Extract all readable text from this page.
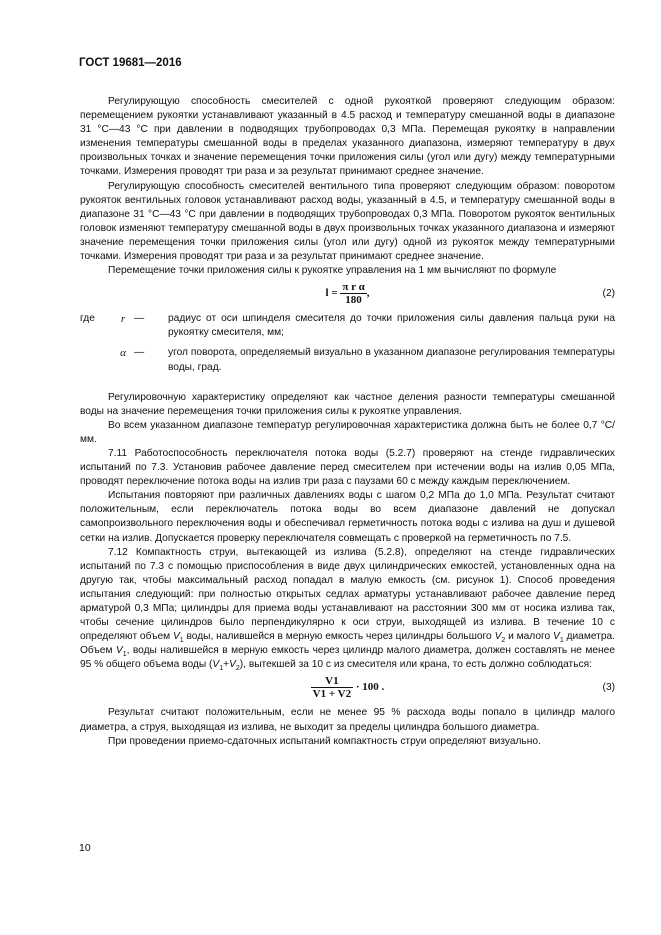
ГОСТ 19681—2016

Регулирующую способность смесителей с одной рукояткой проверяют следующим образом: перемещением рукоятки устанавливают указанный в 4.5 расход и температуру смешанной воды в диапазоне 31 °С—43 °С при давлении в подводящих трубопроводах 0,3 МПа. Перемещая рукоятку в направлении изменения температуры смешанной воды в пределах указанного диапазона, измеряют температуру в двух произвольных точках и значение перемещения точки приложения силы (угол или дугу) между температурными точками. Измерения проводят три раза и за результат принимают среднее значение.

Регулирующую способность смесителей вентильного типа проверяют следующим образом: поворотом рукояток вентильных головок устанавливают расход воды, указанный в 4.5, и температуру смешанной воды в диапазоне 31 °С—43 °С при давлении в подводящих трубопроводах 0,3 МПа. Поворотом рукояток вентильных головок изменяют температуру смешанной воды в двух произвольных точках указанного диапазона и измеряют значение перемещения точки приложения силы (угол или дугу) одной из рукояток между температурными точками. Измерения проводят три раза и за результат принимают среднее значение.

Перемещение точки приложения силы к рукоятке управления на 1 мм вычисляют по формуле

$l = \frac{\text{π r α}}{180}$ ,	(2)
где	r — радиус от оси шпинделя смесителя до точки приложения силы давления пальца руки на рукоятку смесителя, мм;
α — угол поворота, определяемый визуально в указанном диапазоне регулирования температуры воды, град.

Регулировочную характеристику определяют как частное деления разности температуры смешанной воды на значение перемещения точки приложения силы к рукоятке управления.

Во всем указанном диапазоне температур регулировочная характеристика должна быть не более 0,7 °С/мм.

7.11 Работоспособность переключателя потока воды (5.2.7) проверяют на стенде гидравлических испытаний по 7.3. Установив рабочее давление перед смесителем при истечении воды на излив 0,05 МПа, проводят переключение потока воды на излив три раза с паузами 60 с между каждым переключением.

Испытания повторяют при различных давлениях воды с шагом 0,2 МПа до 1,0 МПа. Результат считают положительным, если переключатель потока воды во всем диапазоне давлений не допускал самопроизвольного переключения воды и обеспечивал герметичность потока воды с излива на душ и душевой сетки на излив. Допускается проверку переключателя совмещать с проверкой на герметичность по 7.5.

7.12 Компактность струи, вытекающей из излива (5.2.8), определяют на стенде гидравлических испытаний по 7.3 с помощью приспособления в виде двух цилиндрических емкостей, установленных одна на другую так, чтобы максимальный расход попадал в малую емкость (см. рисунок 1). Способ проведения испытания следующий: при полностью открытых седлах арматуры устанавливают рабочее давление перед арматурой 0,3 МПа; цилиндры для приема воды устанавливают на расстоянии 300 мм от носика излива так, чтобы сечение цилиндров было перпендикулярно к оси струи, выходящей из излива. В течение 10 с определяют объем $V_1$ воды, налившейся в мерную емкость через цилиндры большого $V_2$ и малого $V_1$ диаметра. Объем $V_1$, воды налившейся в мерную емкость через цилиндр малого диаметра, должен составлять не менее 95 % общего объема воды $(V_1+V_2)$, вытекшей за 10 с из смесителя или крана, то есть должно соблюдаться:

$\frac{V1}{V1 + V2} \cdot 100$ .	(3)

Результат считают положительным, если не менее 95 % расхода воды попало в цилиндр малого диаметра, а струя, выходящая из излива, не выходит за пределы цилиндра большого диаметра.

При проведении приемо-сдаточных испытаний компактность струи определяют визуально.

10
